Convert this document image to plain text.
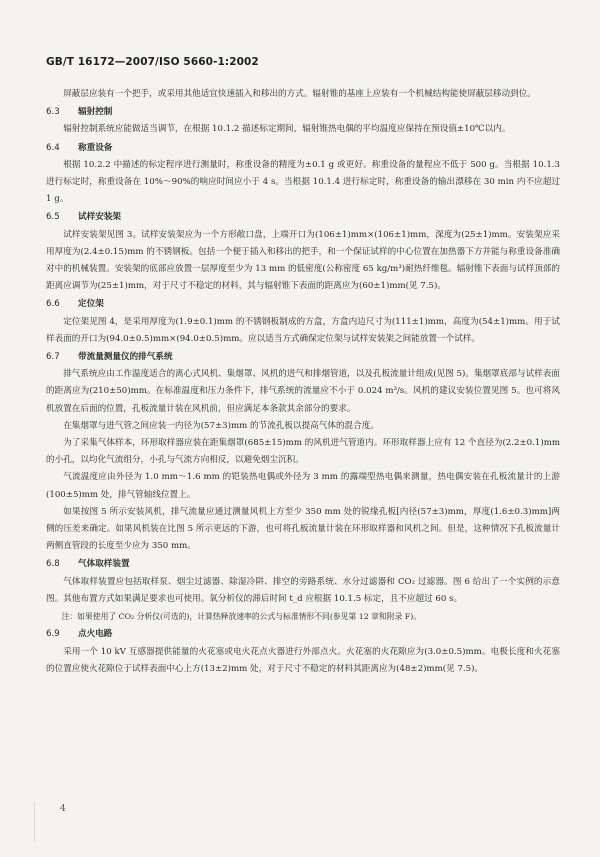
GB/T 16172—2007/ISO 5660-1:2002

屏蔽层应装有一个把手，或采用其他适宜快速插入和移出的方式。辐射锥的基座上应装有一个机械结构能使屏蔽层移动到位。

6.3	辐射控制

辐射控制系统应能做适当调节，在根据 10.1.2 描述标定期间，辐射锥热电偶的平均温度应保持在预设值±10℃以内。

6.4	称重设备

根据 10.2.2 中描述的标定程序进行测量时，称重设备的精度为±0.1 g 或更好。称重设备的量程应不低于 500 g。当根据 10.1.3 进行标定时，称重设备在 10%～90%的响应时间应小于 4 s。当根据 10.1.4 进行标定时，称重设备的输出漂移在 30 min 内不应超过 1 g。

6.5	试样安装架

试样安装架见图 3。试样安装架应为一个方形敞口盘，上端开口为(106±1)mm×(106±1)mm，深度为(25±1)mm。安装架应采用厚度为(2.4±0.15)mm 的不锈钢板。包括一个便于插入和移出的把手，和一个保证试样的中心位置在加热器下方并能与称重设备准确对中的机械装置。安装架的底部应放置一层厚度至少为 13 mm 的低密度(公称密度 65 kg/m³)耐热纤维毯。辐射锥下表面与试样顶部的距离应调节为(25±1)mm，对于尺寸不稳定的材料，其与辐射锥下表面的距离应为(60±1)mm(见 7.5)。

6.6	定位架

定位架见图 4，是采用厚度为(1.9±0.1)mm 的不锈钢板制成的方盒，方盒内边尺寸为(111±1)mm，高度为(54±1)mm。用于试样表面的开口为(94.0±0.5)mm×(94.0±0.5)mm。应以适当方式确保定位架与试样安装架之间能放置一个试样。

6.7	带流量测量仪的排气系统

排气系统应由工作温度适合的离心式风机、集烟罩、风机的进气和排烟管道，以及孔板流量计组成(见图 5)。集烟罩底部与试样表面的距离应为(210±50)mm。在标准温度和压力条件下，排气系统的流量应不小于 0.024 m³/s。风机的建议安装位置见图 5。也可将风机放置在后面的位置，孔板流量计装在风机前，但应满足本条款其余部分的要求。

在集烟罩与进气管之间应装一内径为(57±3)mm 的节流孔板以提高气体的混合度。

为了采集气体样本，环形取样器应装在距集烟罩(685±15)mm 的风机进气管道内。环形取样器上应有 12 个直径为(2.2±0.1)mm 的小孔，以均化气流组分，小孔与气流方向相反，以避免烟尘沉积。

气流温度应由外径为 1.0 mm～1.6 mm 的铠装热电偶或外径为 3 mm 的露端型热电偶来测量，热电偶安装在孔板流量计的上游(100±5)mm 处，排气管轴线位置上。

如果按图 5 所示安装风机，排气流量应通过测量风机上方至少 350 mm 处的锐缘孔板[内径(57±3)mm，厚度(1.6±0.3)mm]两侧的压差来确定。如果风机装在比图 5 所示更远的下游，也可将孔板流量计装在环形取样器和风机之间。但是，这种情况下孔板流量计两侧直管段的长度至少应为 350 mm。

6.8	气体取样装置

气体取样装置应包括取样泵、烟尘过滤器、除湿冷阱、排空的旁路系统、水分过滤器和 CO₂ 过滤器。图 6 给出了一个实例的示意图。其他布置方式如果满足要求也可使用。氧分析仪的滞后时间 t_d 应根据 10.1.5 标定，且不应超过 60 s。

注：如果使用了 CO₂ 分析仪(可选的)，计算热释放速率的公式与标准情形不同(参见第 12 章和附录 F)。

6.9	点火电路

采用一个 10 kV 互感器提供能量的火花塞或电火花点火器进行外部点火。火花塞的火花隙应为(3.0±0.5)mm。电极长度和火花塞的位置应使火花隙位于试样表面中心上方(13±2)mm 处，对于尺寸不稳定的材料其距离应为(48±2)mm(见 7.5)。

4
